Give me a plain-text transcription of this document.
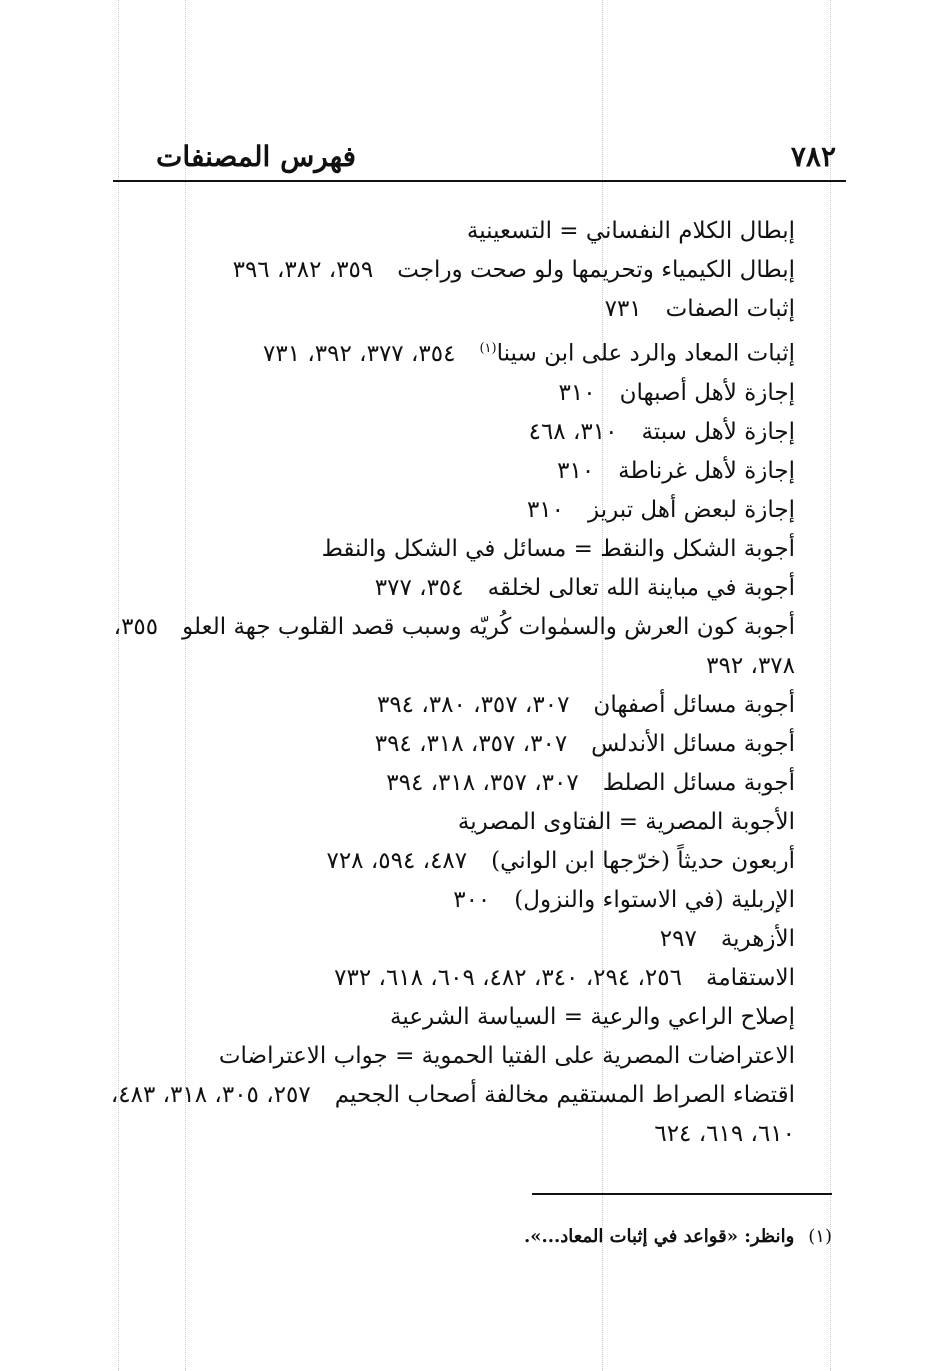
٧٨٢
فهرس المصنفات
إبطال الكلام النفساني = التسعينية
إبطال الكيمياء وتحريمها ولو صحت وراجت٣٥٩، ٣٨٢، ٣٩٦
إثبات الصفات٧٣١
إثبات المعاد والرد على ابن سينا$^{(١)}$٣٥٤، ٣٧٧، ٣٩٢، ٧٣١
إجازة لأهل أصبهان٣١٠
إجازة لأهل سبتة٣١٠، ٤٦٨
إجازة لأهل غرناطة٣١٠
إجازة لبعض أهل تبريز٣١٠
أجوبة الشكل والنقط = مسائل في الشكل والنقط
أجوبة في مباينة الله تعالى لخلقه٣٥٤، ٣٧٧
أجوبة كون العرش والسمٰوات كُريّه وسبب قصد القلوب جهة العلو٣٥٥، ٣٧٨، ٣٩٢
أجوبة مسائل أصفهان٣٠٧، ٣٥٧، ٣٨٠، ٣٩٤
أجوبة مسائل الأندلس٣٠٧، ٣٥٧، ٣١٨، ٣٩٤
أجوبة مسائل الصلط٣٠٧، ٣٥٧، ٣١٨، ٣٩٤
الأجوبة المصرية = الفتاوى المصرية
أربعون حديثاً (خرّجها ابن الواني)٤٨٧، ٥٩٤، ٧٢٨
الإربلية (في الاستواء والنزول)٣٠٠
الأزهرية٢٩٧
الاستقامة٢٥٦، ٢٩٤، ٣٤٠، ٤٨٢، ٦٠٩، ٦١٨، ٧٣٢
إصلاح الراعي والرعية = السياسة الشرعية
الاعتراضات المصرية على الفتيا الحموية = جواب الاعتراضات
اقتضاء الصراط المستقيم مخالفة أصحاب الجحيم٢٥٧، ٣٠٥، ٣١٨، ٤٨٣، ٦١٠، ٦١٩، ٦٢٤
(١)وانظر: «قواعد في إثبات المعاد...».
